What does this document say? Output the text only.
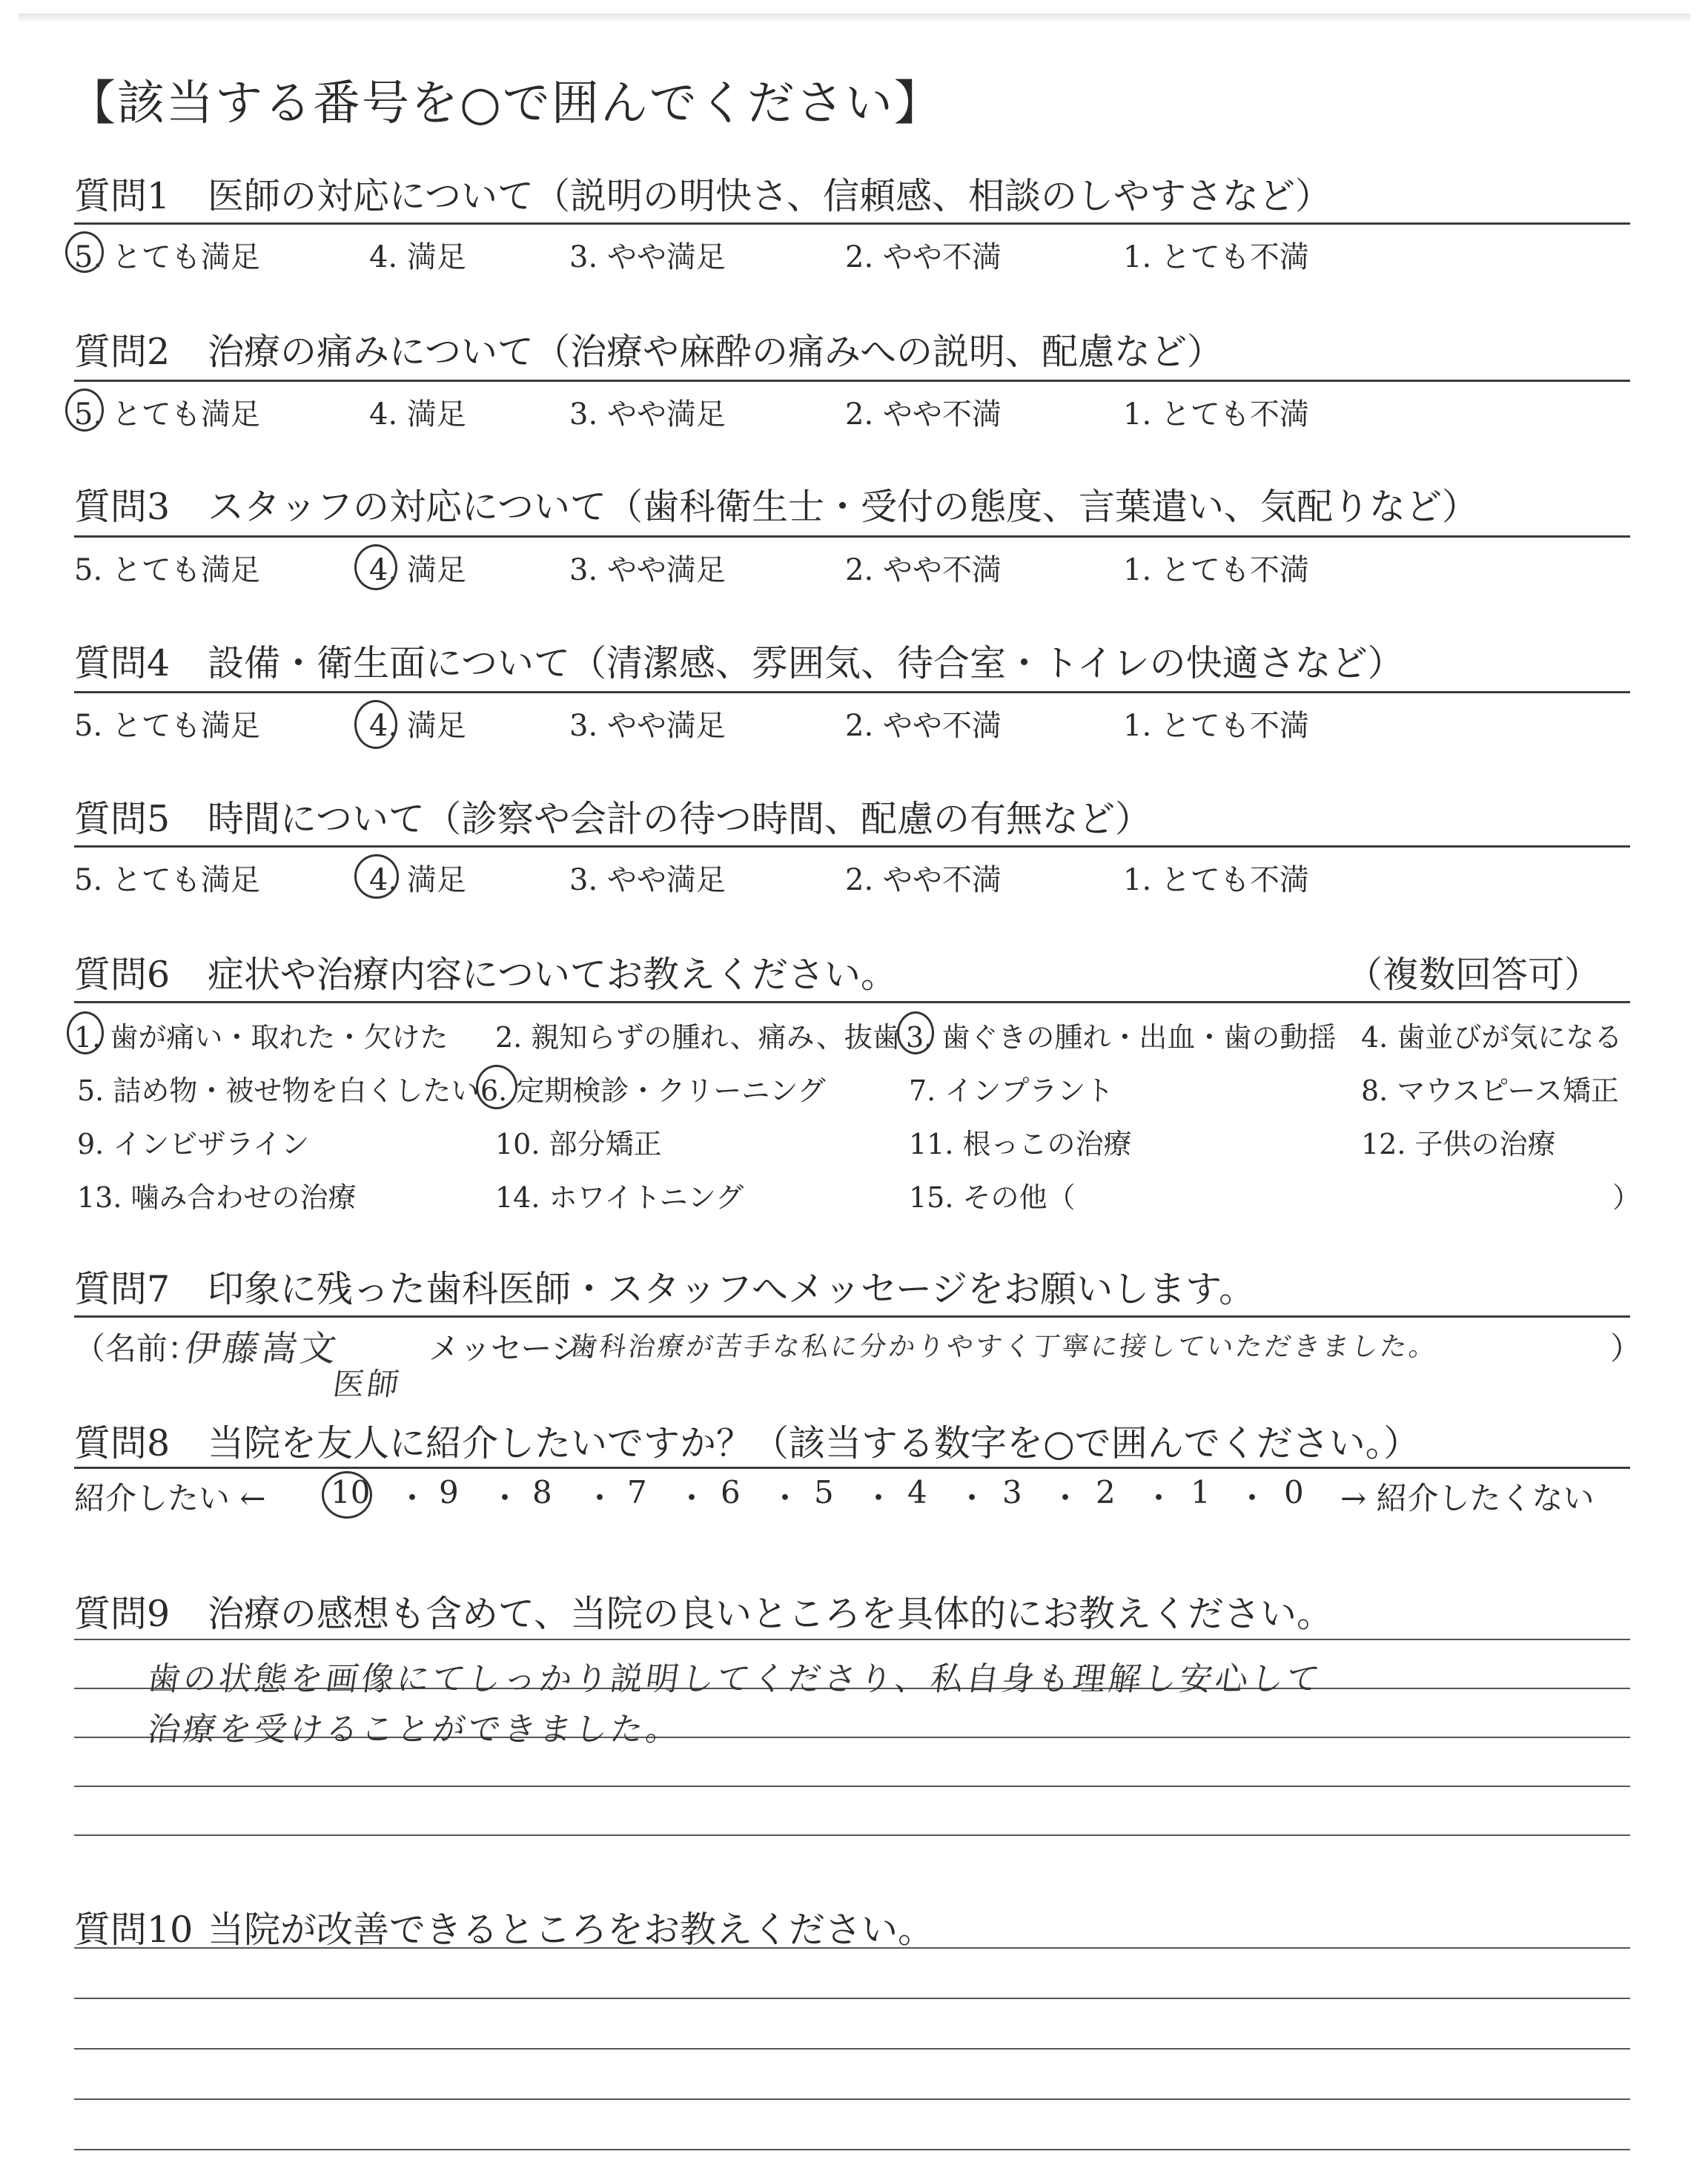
【該当する番号を○で囲んでください】
質問1 医師の対応について（説明の明快さ、信頼感、相談のしやすさなど）
5. とても満足	4. 満足	3. やや満足	2. やや不満	1. とても不満
質問2 治療の痛みについて（治療や麻酔の痛みへの説明、配慮など）
5. とても満足	4. 満足	3. やや満足	2. やや不満	1. とても不満
質問3 スタッフの対応について（歯科衛生士・受付の態度、言葉遣い、気配りなど）
5. とても満足	4. 満足	3. やや満足	2. やや不満	1. とても不満
質問4 設備・衛生面について（清潔感、雰囲気、待合室・トイレの快適さなど）
5. とても満足	4. 満足	3. やや満足	2. やや不満	1. とても不満
質問5 時間について（診察や会計の待つ時間、配慮の有無など）
5. とても満足	4. 満足	3. やや満足	2. やや不満	1. とても不満
質問6 症状や治療内容についてお教えください。	（複数回答可）
1. 歯が痛い・取れた・欠けた 2. 親知らずの腫れ、痛み、抜歯 3. 歯ぐきの腫れ・出血・歯の動揺 4. 歯並びが気になる
5. 詰め物・被せ物を白くしたい 6. 定期検診・クリーニング	7. インプラント	8. マウスピース矯正
9. インビザライン	10. 部分矯正	11. 根っこの治療	12. 子供の治療
13. 噛み合わせの治療	14. ホワイトニング	15. その他（	）
質問7 印象に残った歯科医師・スタッフへメッセージをお願いします。
（名前：
伊藤嵩文
医師
メッセージ：
歯科治療が苦手な私に分かりやすく丁寧に接していただきました。	）
質問8 当院を友人に紹介したいですか？（該当する数字を○で囲んでください。）
紹介したい ← 10 ・ 9 ・ 8 ・ 7 ・ 6 ・ 5 ・ 4 ・ 3 ・ 2 ・ 1 ・ 0 → 紹介したくない
質問9 治療の感想も含めて、当院の良いところを具体的にお教えください。
歯の状態を画像にてしっかり説明してくださり、私自身も理解し安心して
治療を受けることができました。
質問10 当院が改善できるところをお教えください。
